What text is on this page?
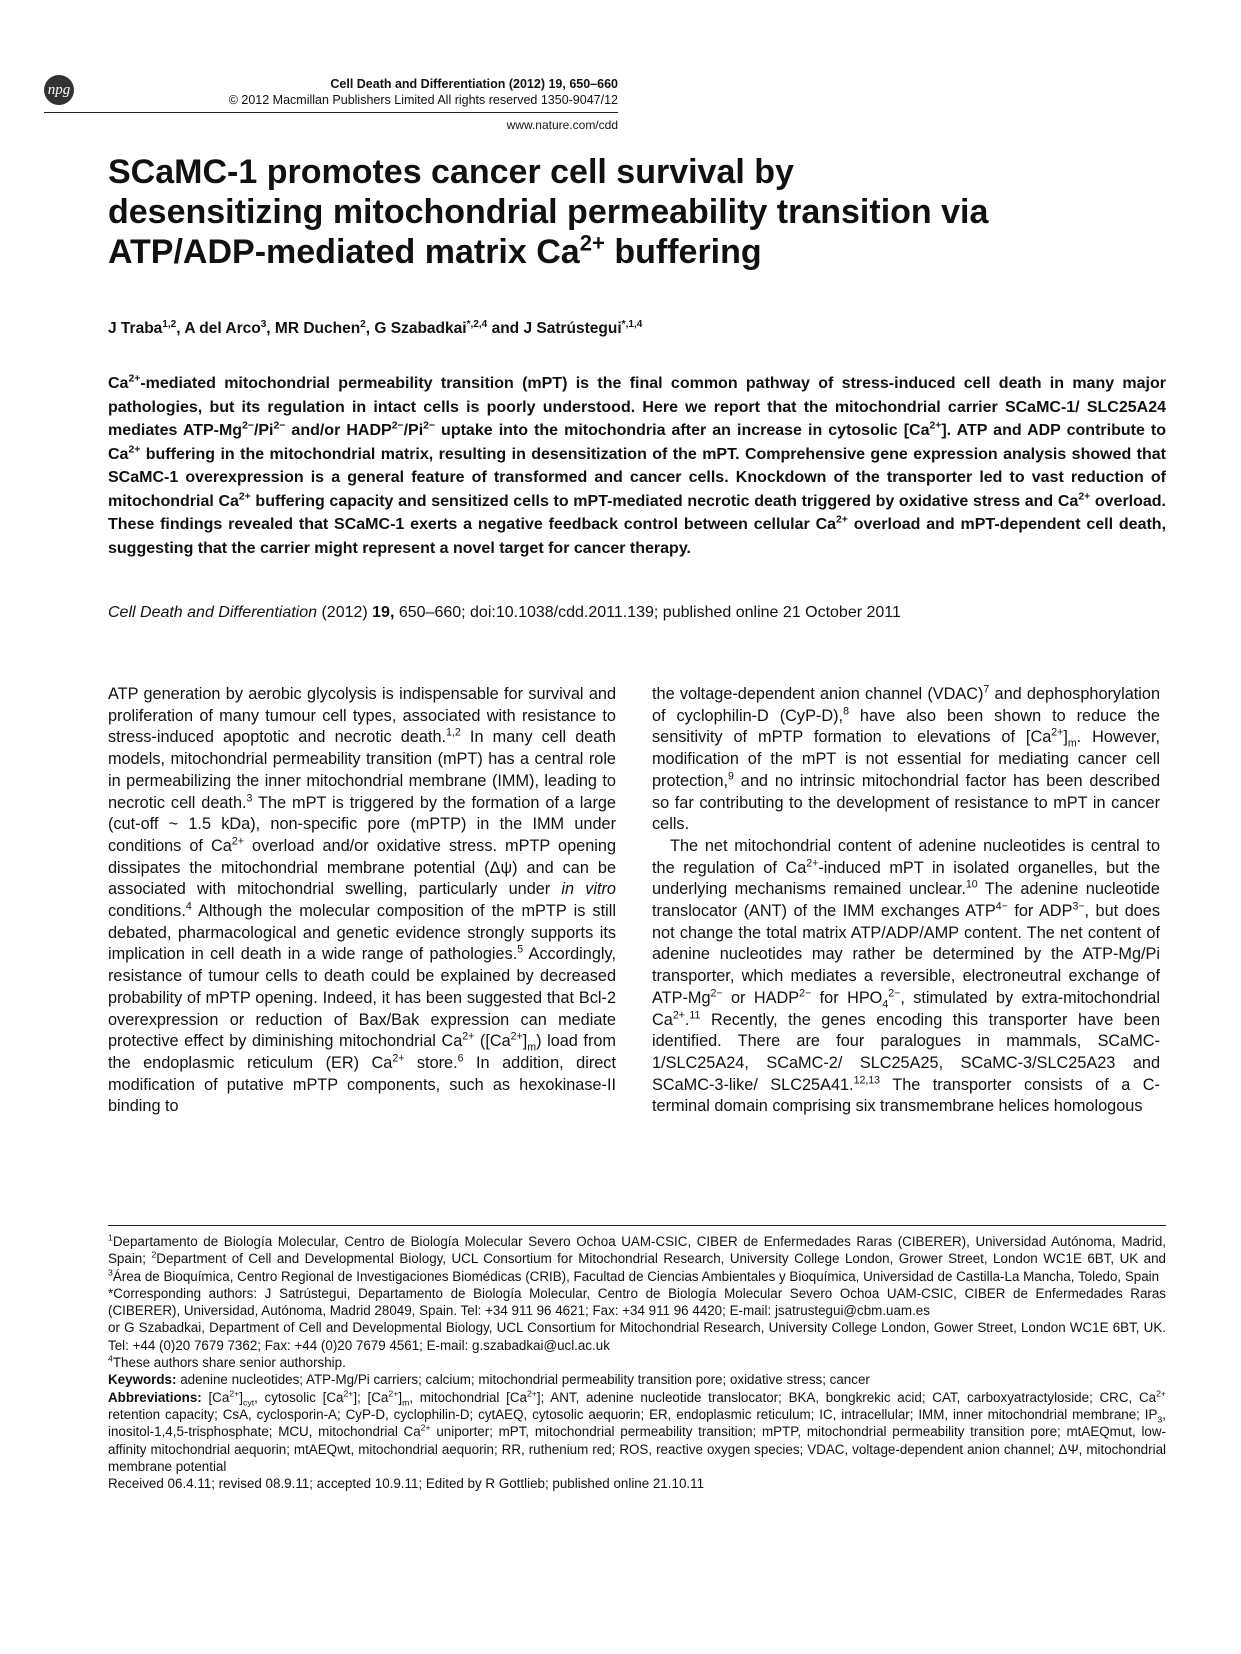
npg	Cell Death and Differentiation (2012) 19, 650–660
© 2012 Macmillan Publishers Limited All rights reserved 1350-9047/12
www.nature.com/cdd
SCaMC-1 promotes cancer cell survival by
desensitizing mitochondrial permeability transition via
ATP/ADP-mediated matrix $Ca^{2+}$ buffering
J Traba$^{1,2}$, A del Arco$^3$, MR Duchen$^2$, G Szabadkai$^{*,2,4}$ and J Satrústegui$^{*,1,4}$

$Ca^{2+}$-mediated mitochondrial permeability transition (mPT) is the final common pathway of stress-induced cell death in many major pathologies, but its regulation in intact cells is poorly understood. Here we report that the mitochondrial carrier SCaMC-1/ SLC25A24 mediates ATP-$Mg^{2-}/Pi^{2-}$ and/or $HADP^{2-}/Pi^{2-}$ uptake into the mitochondria after an increase in cytosolic $[Ca^{2+}]$. ATP and ADP contribute to $Ca^{2+}$ buffering in the mitochondrial matrix, resulting in desensitization of the mPT. Comprehensive gene expression analysis showed that SCaMC-1 overexpression is a general feature of transformed and cancer cells. Knockdown of the transporter led to vast reduction of mitochondrial $Ca^{2+}$ buffering capacity and sensitized cells to mPT-mediated necrotic death triggered by oxidative stress and $Ca^{2+}$ overload. These findings revealed that SCaMC-1 exerts a negative feedback control between cellular $Ca^{2+}$ overload and mPT-dependent cell death, suggesting that the carrier might represent a novel target for cancer therapy.

Cell Death and Differentiation (2012) 19, 650–660; doi:10.1038/cdd.2011.139; published online 21 October 2011

ATP generation by aerobic glycolysis is indispensable for survival and proliferation of many tumour cell types, associated with resistance to stress-induced apoptotic and necrotic death.$^{1,2}$ In many cell death models, mitochondrial permeability transition (mPT) has a central role in permeabilizing the inner mitochondrial membrane (IMM), leading to necrotic cell death.$^3$ The mPT is triggered by the formation of a large (cut-off ~ 1.5 kDa), non-specific pore (mPTP) in the IMM under conditions of $Ca^{2+}$ overload and/or oxidative stress. mPTP opening dissipates the mitochondrial membrane potential (Δψ) and can be associated with mitochondrial swelling, particularly under in vitro conditions.$^4$ Although the molecular composition of the mPTP is still debated, pharmacological and genetic evidence strongly supports its implication in cell death in a wide range of pathologies.$^5$ Accordingly, resistance of tumour cells to death could be explained by decreased probability of mPTP opening. Indeed, it has been suggested that Bcl-2 overexpression or reduction of Bax/Bak expression can mediate protective effect by diminishing mitochondrial $Ca^{2+}$ $([Ca^{2+}]_m)$ load from the endoplasmic reticulum (ER) $Ca^{2+}$ store.$^6$ In addition, direct modification of putative mPTP components, such as hexokinase-II binding to

the voltage-dependent anion channel (VDAC)$^7$ and dephosphorylation of cyclophilin-D (CyP-D),$^8$ have also been shown to reduce the sensitivity of mPTP formation to elevations of $[Ca^{2+}]_m$. However, modification of the mPT is not essential for mediating cancer cell protection,$^9$ and no intrinsic mitochondrial factor has been described so far contributing to the development of resistance to mPT in cancer cells.

The net mitochondrial content of adenine nucleotides is central to the regulation of $Ca^{2+}$-induced mPT in isolated organelles, but the underlying mechanisms remained unclear.$^{10}$ The adenine nucleotide translocator (ANT) of the IMM exchanges $ATP^{4-}$ for $ADP^{3-}$, but does not change the total matrix ATP/ADP/AMP content. The net content of adenine nucleotides may rather be determined by the ATP-Mg/Pi transporter, which mediates a reversible, electroneutral exchange of ATP-$Mg^{2-}$ or $HADP^{2-}$ for $HPO_4^{2-}$, stimulated by extra-mitochondrial $Ca^{2+}.^{11}$ Recently, the genes encoding this transporter have been identified. There are four paralogues in mammals, SCaMC-1/SLC25A24, SCaMC-2/ SLC25A25, SCaMC-3/SLC25A23 and SCaMC-3-like/ SLC25A41.$^{12,13}$ The transporter consists of a C-terminal domain comprising six transmembrane helices homologous

$^1$Departamento de Biología Molecular, Centro de Biología Molecular Severo Ochoa UAM-CSIC, CIBER de Enfermedades Raras (CIBERER), Universidad Autónoma, Madrid, Spain; $^2$Department of Cell and Developmental Biology, UCL Consortium for Mitochondrial Research, University College London, Grower Street, London WC1E 6BT, UK and $^3$Área de Bioquímica, Centro Regional de Investigaciones Biomédicas (CRIB), Facultad de Ciencias Ambientales y Bioquímica, Universidad de Castilla-La Mancha, Toledo, Spain

*Corresponding authors: J Satrústegui, Departamento de Biología Molecular, Centro de Biología Molecular Severo Ochoa UAM-CSIC, CIBER de Enfermedades Raras (CIBERER), Universidad, Autónoma, Madrid 28049, Spain. Tel: +34 911 96 4621; Fax: +34 911 96 4420; E-mail: jsatrustegui@cbm.uam.es

or G Szabadkai, Department of Cell and Developmental Biology, UCL Consortium for Mitochondrial Research, University College London, Gower Street, London WC1E 6BT, UK. Tel: +44 (0)20 7679 7362; Fax: +44 (0)20 7679 4561; E-mail: g.szabadkai@ucl.ac.uk

$^4$These authors share senior authorship.

Keywords: adenine nucleotides; ATP-Mg/Pi carriers; calcium; mitochondrial permeability transition pore; oxidative stress; cancer

Abbreviations: $[Ca^{2+}]_{cyt}$, cytosolic $[Ca^{2+}]$; $[Ca^{2+}]_m$, mitochondrial $[Ca^{2+}]$; ANT, adenine nucleotide translocator; BKA, bongkrekic acid; CAT, carboxyatractyloside; CRC, $Ca^{2+}$ retention capacity; CsA, cyclosporin-A; CyP-D, cyclophilin-D; cytAEQ, cytosolic aequorin; ER, endoplasmic reticulum; IC, intracellular; IMM, inner mitochondrial membrane; $IP_3$, inositol-1,4,5-trisphosphate; MCU, mitochondrial $Ca^{2+}$ uniporter; mPT, mitochondrial permeability transition; mPTP, mitochondrial permeability transition pore; mtAEQmut, low-affinity mitochondrial aequorin; mtAEQwt, mitochondrial aequorin; RR, ruthenium red; ROS, reactive oxygen species; VDAC, voltage-dependent anion channel; ΔΨ, mitochondrial membrane potential

Received 06.4.11; revised 08.9.11; accepted 10.9.11; Edited by R Gottlieb; published online 21.10.11
